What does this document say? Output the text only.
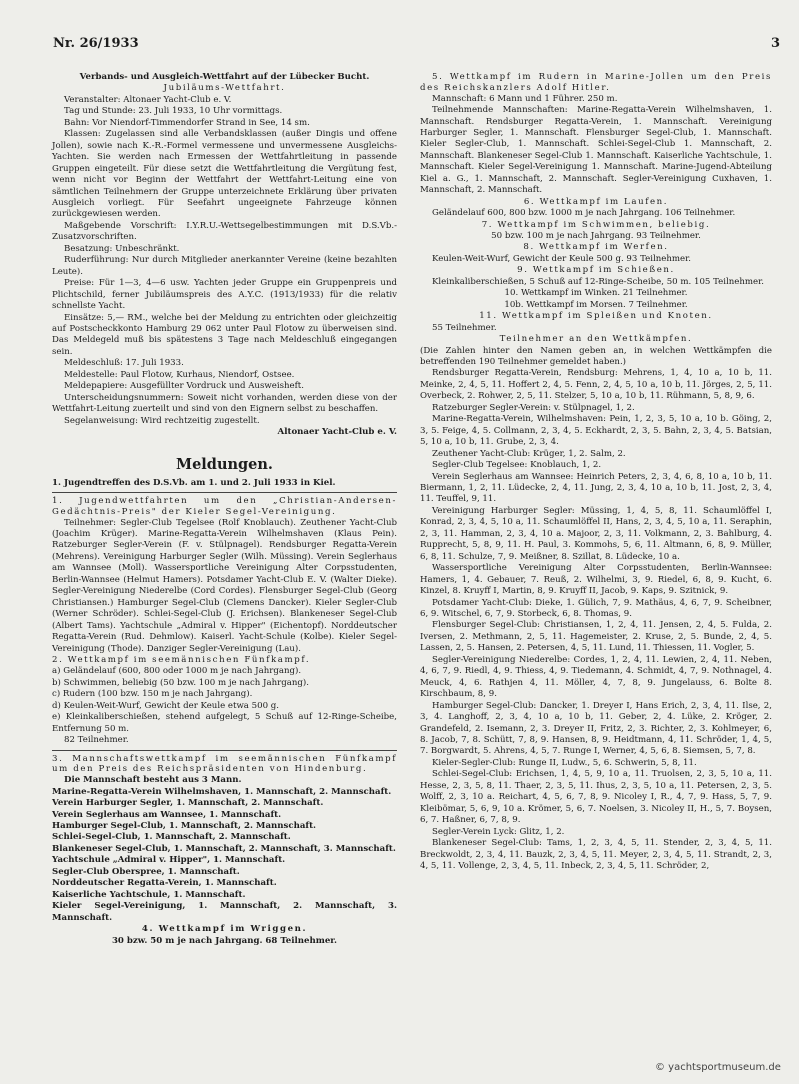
Nr. 26/1933	3

Verbands- und Ausgleich-Wettfahrt auf der Lübecker Bucht.

Jubiläums-Wettfahrt.

Veranstalter: Altonaer Yacht-Club e. V.

Tag und Stunde: 23. Juli 1933, 10 Uhr vormittags.

Bahn: Vor Niendorf-Timmendorfer Strand in See, 14 sm.

Klassen: Zugelassen sind alle Verbandsklassen (außer Dingis und offene Jollen), sowie nach K.-R.-Formel vermessene und unvermessene Ausgleichs-Yachten. Sie werden nach Ermessen der Wettfahrtleitung in passende Gruppen eingeteilt. Für diese setzt die Wettfahrtleitung die Vergütung fest, wenn nicht vor Beginn der Wettfahrt der Wettfahrt-Leitung eine von sämtlichen Teilnehmern der Gruppe unterzeichnete Erklärung über privaten Ausgleich vorliegt. Für Seefahrt ungeeignete Fahrzeuge können zurückgewiesen werden.

Maßgebende Vorschrift: I.Y.R.U.-Wettsegelbestimmungen mit D.S.Vb.-Zusatzvorschriften.

Besatzung: Unbeschränkt.

Ruderführung: Nur durch Mitglieder anerkannter Vereine (keine bezahlten Leute).

Preise: Für 1—3, 4—6 usw. Yachten jeder Gruppe ein Gruppenpreis und Plichtschild, ferner Jubiläumspreis des A.Y.C. (1913/1933) für die relativ schnellste Yacht.

Einsätze: 5,— RM., welche bei der Meldung zu entrichten oder gleichzeitig auf Postscheckkonto Hamburg 29 062 unter Paul Flotow zu überweisen sind. Das Meldegeld muß bis spätestens 3 Tage nach Meldeschluß eingegangen sein.

Meldeschluß: 17. Juli 1933.

Meldestelle: Paul Flotow, Kurhaus, Niendorf, Ostsee.

Meldepapiere: Ausgefüllter Vordruck und Ausweisheft.

Unterscheidungsnummern: Soweit nicht vorhanden, werden diese von der Wettfahrt-Leitung zuerteilt und sind von den Eignern selbst zu beschaffen.

Segelanweisung: Wird rechtzeitig zugestellt.

Altonaer Yacht-Club e. V.

Meldungen.

1. Jugendtreffen des D.S.Vb. am 1. und 2. Juli 1933 in Kiel.

1. Jugendwettfahrten um den „Christian-Andersen-Gedächtnis-Preis" der Kieler Segel-Vereinigung.

Teilnehmer: Segler-Club Tegelsee (Rolf Knoblauch). Zeuthener Yacht-Club (Joachim Krüger). Marine-Regatta-Verein Wilhelmshaven (Klaus Pein). Ratzeburger Segler-Verein (F. v. Stülpnagel). Rendsburger Regatta-Verein (Mehrens). Vereinigung Harburger Segler (Wilh. Müssing). Verein Seglerhaus am Wannsee (Moll). Wassersportliche Vereinigung Alter Corpsstudenten, Berlin-Wannsee (Helmut Hamers). Potsdamer Yacht-Club E. V. (Walter Dieke). Segler-Vereinigung Niederelbe (Cord Cordes). Flensburger Segel-Club (Georg Christiansen.) Hamburger Segel-Club (Clemens Dancker). Kieler Segler-Club (Werner Schröder). Schlei-Segel-Club (J. Erichsen). Blankeneser Segel-Club (Albert Tams). Yachtschule „Admiral v. Hipper" (Eichentopf). Norddeutscher Regatta-Verein (Rud. Dehmlow). Kaiserl. Yacht-Schule (Kolbe). Kieler Segel-Vereinigung (Thode). Danziger Segler-Vereinigung (Lau).

2. Wettkampf im seemännischen Fünfkampf.

a) Geländelauf (600, 800 oder 1000 m je nach Jahrgang).

b) Schwimmen, beliebig (50 bzw. 100 m je nach Jahrgang).

c) Rudern (100 bzw. 150 m je nach Jahrgang).

d) Keulen-Weit-Wurf, Gewicht der Keule etwa 500 g.

e) Kleinkaliberschießen, stehend aufgelegt, 5 Schuß auf 12-Ringe-Scheibe, Entfernung 50 m.

82 Teilnehmer.

3. Mannschaftswettkampf im seemännischen Fünfkampf um den Preis des Reichspräsidenten von Hindenburg.

Die Mannschaft besteht aus 3 Mann.

Marine-Regatta-Verein Wilhelmshaven, 1. Mannschaft, 2. Mannschaft.

Verein Harburger Segler, 1. Mannschaft, 2. Mannschaft.

Verein Seglerhaus am Wannsee, 1. Mannschaft.

Hamburger Segel-Club, 1. Mannschaft, 2. Mannschaft.

Schlei-Segel-Club, 1. Mannschaft, 2. Mannschaft.

Blankeneser Segel-Club, 1. Mannschaft, 2. Mannschaft, 3. Mannschaft.

Yachtschule „Admiral v. Hipper", 1. Mannschaft.

Segler-Club Oberspree, 1. Mannschaft.

Norddeutscher Regatta-Verein, 1. Mannschaft.

Kaiserliche Yachtschule, 1. Mannschaft.

Kieler Segel-Vereinigung, 1. Mannschaft, 2. Mannschaft, 3. Mannschaft.

4. Wettkampf im Wriggen.

30 bzw. 50 m je nach Jahrgang. 68 Teilnehmer.

5. Wettkampf im Rudern in Marine-Jollen um den Preis des Reichskanzlers Adolf Hitler.

Mannschaft: 6 Mann und 1 Führer. 250 m.

Teilnehmende Mannschaften: Marine-Regatta-Verein Wilhelmshaven, 1. Mannschaft. Rendsburger Regatta-Verein, 1. Mannschaft. Vereinigung Harburger Segler, 1. Mannschaft. Flensburger Segel-Club, 1. Mannschaft. Kieler Segler-Club, 1. Mannschaft. Schlei-Segel-Club 1. Mannschaft, 2. Mannschaft. Blankeneser Segel-Club 1. Mannschaft. Kaiserliche Yachtschule, 1. Mannschaft. Kieler Segel-Vereinigung 1. Mannschaft. Marine-Jugend-Abteilung Kiel a. G., 1. Mannschaft, 2. Mannschaft. Segler-Vereinigung Cuxhaven, 1. Mannschaft, 2. Mannschaft.

6. Wettkampf im Laufen.

Geländelauf 600, 800 bzw. 1000 m je nach Jahrgang. 106 Teilnehmer.

7. Wettkampf im Schwimmen, beliebig.

50 bzw. 100 m je nach Jahrgang. 93 Teilnehmer.

8. Wettkampf im Werfen.

Keulen-Weit-Wurf, Gewicht der Keule 500 g. 93 Teilnehmer.

9. Wettkampf im Schießen.

Kleinkaliberschießen, 5 Schuß auf 12-Ringe-Scheibe, 50 m. 105 Teilnehmer.

10. Wettkampf im Winken. 21 Teilnehmer.

10b. Wettkampf im Morsen. 7 Teilnehmer.

11. Wettkampf im Spleißen und Knoten.

55 Teilnehmer.

Teilnehmer an den Wettkämpfen.

(Die Zahlen hinter den Namen geben an, in welchen Wettkämpfen die betreffenden 190 Teilnehmer gemeldet haben.)

Rendsburger Regatta-Verein, Rendsburg: Mehrens, 1, 4, 10 a, 10 b, 11. Meinke, 2, 4, 5, 11. Hoffert 2, 4, 5. Fenn, 2, 4, 5, 10 a, 10 b, 11. Jörges, 2, 5, 11. Overbeck, 2. Rohwer, 2, 5, 11. Stelzer, 5, 10 a, 10 b, 11. Rühmann, 5, 8, 9, 6.

Ratzeburger Segler-Verein: v. Stülpnagel, 1, 2.

Marine-Regatta-Verein, Wilhelmshaven: Pein, 1, 2, 3, 5, 10 a, 10 b. Göing, 2, 3, 5. Feige, 4, 5. Collmann, 2, 3, 4, 5. Eckhardt, 2, 3, 5. Bahn, 2, 3, 4, 5. Batsian, 5, 10 a, 10 b, 11. Grube, 2, 3, 4.

Zeuthener Yacht-Club: Krüger, 1, 2. Salm, 2.

Segler-Club Tegelsee: Knoblauch, 1, 2.

Verein Seglerhaus am Wannsee: Heinrich Peters, 2, 3, 4, 6, 8, 10 a, 10 b, 11. Biermann, 1, 2, 11. Lüdecke, 2, 4, 11. Jung, 2, 3, 4, 10 a, 10 b, 11. Jost, 2, 3, 4, 11. Teuffel, 9, 11.

Vereinigung Harburger Segler: Müssing, 1, 4, 5, 8, 11. Schaumlöffel I, Konrad, 2, 3, 4, 5, 10 a, 11. Schaumlöffel II, Hans, 2, 3, 4, 5, 10 a, 11. Seraphin, 2, 3, 11. Hamman, 2, 3, 4, 10 a. Majoor, 2, 3, 11. Volkmann, 2, 3. Bahlburg, 4. Rupprecht, 5, 8, 9, 11. H. Paul, 3. Kommohs, 5, 6, 11. Altmann, 6, 8, 9. Müller, 6, 8, 11. Schulze, 7, 9. Meißner, 8. Szillat, 8. Lüdecke, 10 a.

Wassersportliche Vereinigung Alter Corpsstudenten, Berlin-Wannsee: Hamers, 1, 4. Gebauer, 7. Reuß, 2. Wilhelmi, 3, 9. Riedel, 6, 8, 9. Kucht, 6. Kinzel, 8. Kruyff I, Martin, 8, 9. Kruyff II, Jacob, 9. Kaps, 9. Szitnick, 9.

Potsdamer Yacht-Club: Dieke, 1. Gülich, 7, 9. Mathäus, 4, 6, 7, 9. Scheibner, 6, 9. Witschel, 6, 7, 9. Storbeck, 6, 8. Thomas, 9.

Flensburger Segel-Club: Christiansen, 1, 2, 4, 11. Jensen, 2, 4, 5. Fulda, 2. Iversen, 2. Methmann, 2, 5, 11. Hagemeister, 2. Kruse, 2, 5. Bunde, 2, 4, 5. Lassen, 2, 5. Hansen, 2. Petersen, 4, 5, 11. Lund, 11. Thiessen, 11. Vogler, 5.

Segler-Vereinigung Niederelbe: Cordes, 1, 2, 4, 11. Lewien, 2, 4, 11. Neben, 4, 6, 7, 9. Riedl, 4, 9. Thiess, 4, 9. Tiedemann, 4. Schmidt, 4, 7, 9. Nothnagel, 4. Meuck, 4, 6. Rathjen 4, 11. Möller, 4, 7, 8, 9. Jungelauss, 6. Bolte 8. Kirschbaum, 8, 9.

Hamburger Segel-Club: Dancker, 1. Dreyer I, Hans Erich, 2, 3, 4, 11. Ilse, 2, 3, 4. Langhoff, 2, 3, 4, 10 a, 10 b, 11. Geber, 2, 4. Lüke, 2. Kröger, 2. Grandefeld, 2. Isemann, 2, 3. Dreyer II, Fritz, 2, 3. Richter, 2, 3. Kohlmeyer, 6, 8. Jacob, 7, 8. Schütt, 7, 8, 9. Hansen, 8, 9. Heidtmann, 4, 11. Schröder, 1, 4, 5, 7. Borgwardt, 5. Ahrens, 4, 5, 7. Runge I, Werner, 4, 5, 6, 8. Siemsen, 5, 7, 8.

Kieler-Segler-Club: Runge II, Ludw., 5, 6. Schwerin, 5, 8, 11.

Schlei-Segel-Club: Erichsen, 1, 4, 5, 9, 10 a, 11. Truolsen, 2, 3, 5, 10 a, 11. Hesse, 2, 3, 5, 8, 11. Thaer, 2, 3, 5, 11. Ihus, 2, 3, 5, 10 a, 11. Petersen, 2, 3, 5. Wolff, 2, 3, 10 a. Reichart, 4, 5, 6, 7, 8, 9. Nicoley I, R., 4, 7, 9. Hass, 5, 7, 9. Kleibömar, 5, 6, 9, 10 a. Krömer, 5, 6, 7. Noelsen, 3. Nicoley II, H., 5, 7. Boysen, 6, 7. Haßner, 6, 7, 8, 9.

Segler-Verein Lyck: Glitz, 1, 2.

Blankeneser Segel-Club: Tams, 1, 2, 3, 4, 5, 11. Stender, 2, 3, 4, 5, 11. Breckwoldt, 2, 3, 4, 11. Bauzk, 2, 3, 4, 5, 11. Meyer, 2, 3, 4, 5, 11. Strandt, 2, 3, 4, 5, 11. Vollenge, 2, 3, 4, 5, 11. Inbeck, 2, 3, 4, 5, 11. Schröder, 2,

© yachtsportmuseum.de
